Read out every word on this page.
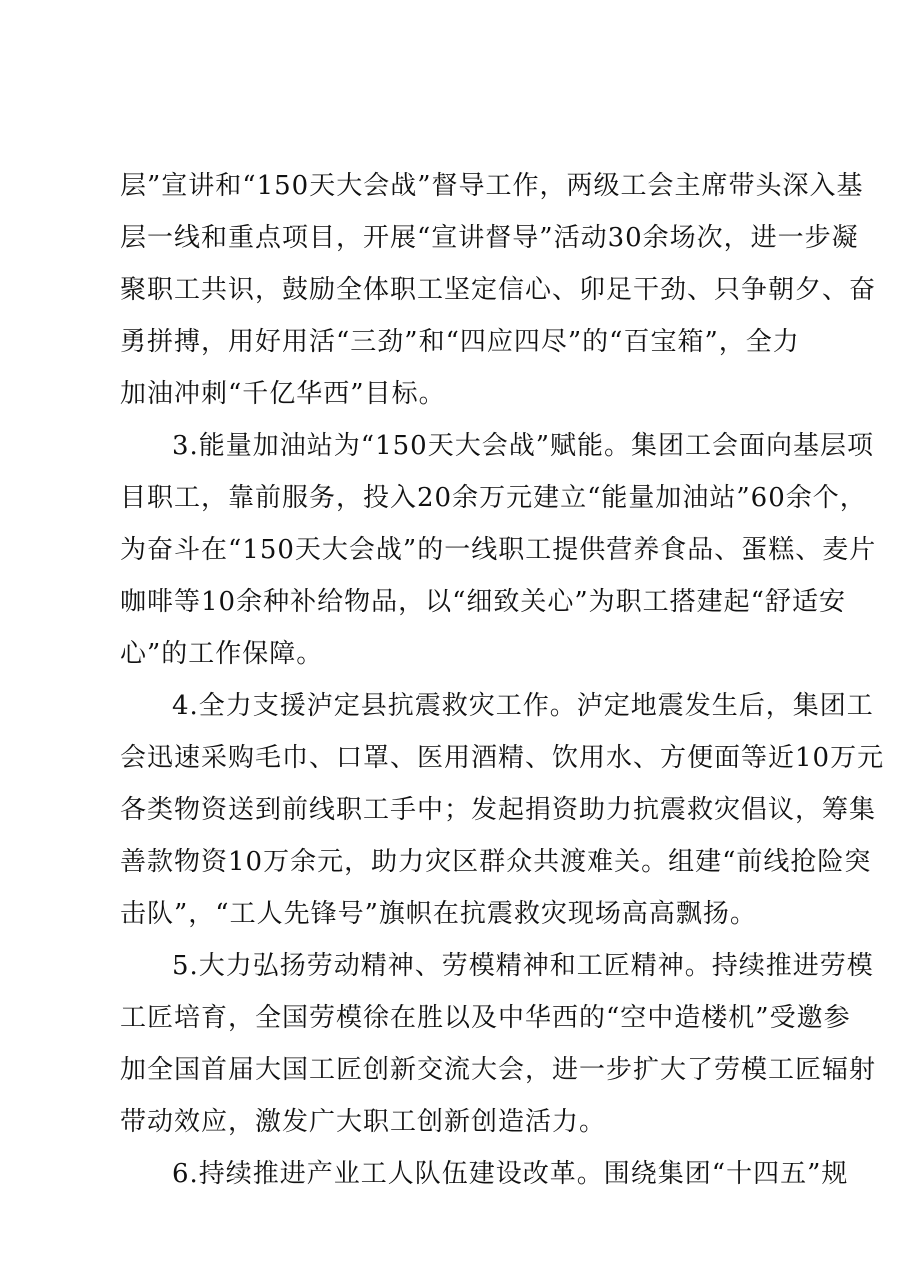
层”宣讲和“150天大会战”督导工作，两级工会主席带头深入基
层一线和重点项目，开展“宣讲督导”活动30余场次，进一步凝
聚职工共识，鼓励全体职工坚定信心、卯足干劲、只争朝夕、奋
勇拼搏，用好用活“三劲”和“四应四尽”的“百宝箱”，全力
加油冲刺“千亿华西”目标。
3.能量加油站为“150天大会战”赋能。集团工会面向基层项
目职工，靠前服务，投入20余万元建立“能量加油站”60余个，
为奋斗在“150天大会战”的一线职工提供营养食品、蛋糕、麦片
咖啡等10余种补给物品，以“细致关心”为职工搭建起“舒适安
心”的工作保障。
4.全力支援泸定县抗震救灾工作。泸定地震发生后，集团工
会迅速采购毛巾、口罩、医用酒精、饮用水、方便面等近10万元
各类物资送到前线职工手中；发起捐资助力抗震救灾倡议，筹集
善款物资10万余元，助力灾区群众共渡难关。组建“前线抢险突
击队”，“工人先锋号”旗帜在抗震救灾现场高高飘扬。
5.大力弘扬劳动精神、劳模精神和工匠精神。持续推进劳模
工匠培育，全国劳模徐在胜以及中华西的“空中造楼机”受邀参
加全国首届大国工匠创新交流大会，进一步扩大了劳模工匠辐射
带动效应，激发广大职工创新创造活力。
6.持续推进产业工人队伍建设改革。围绕集团“十四五”规
